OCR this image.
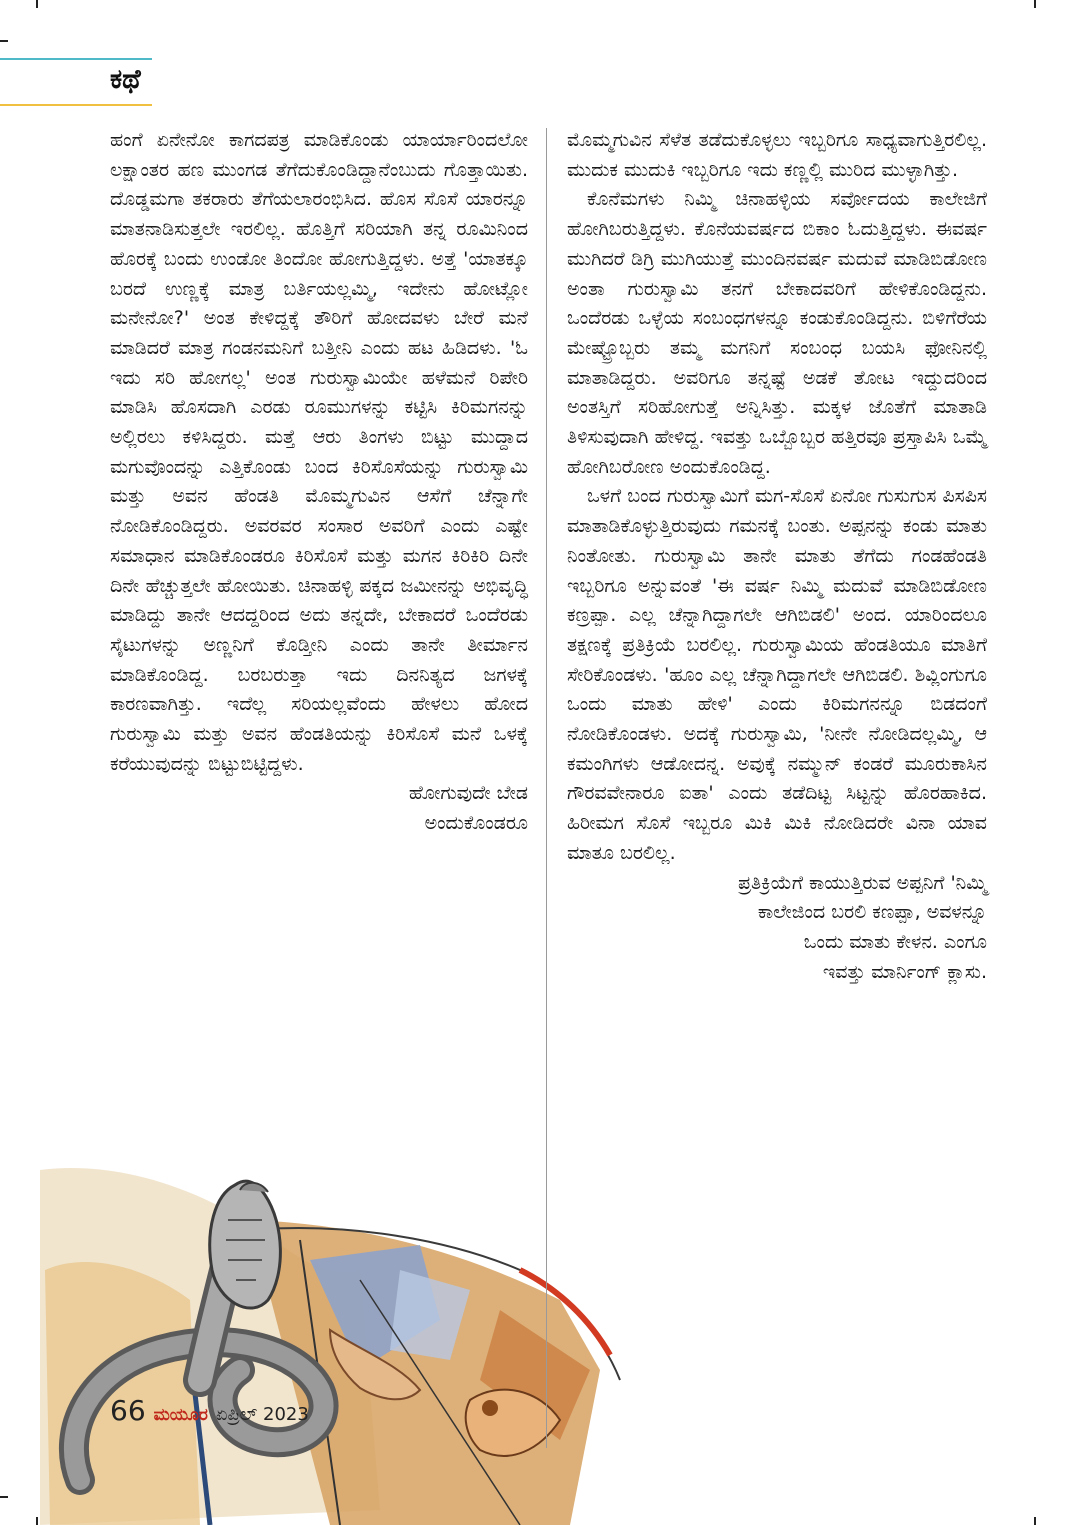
ಕಥೆ

ಹಂಗೆ ಏನೇನೋ ಕಾಗದಪತ್ರ ಮಾಡಿಕೊಂಡು ಯಾರ್ಯಾರಿಂದಲೋ ಲಕ್ಷಾಂತರ ಹಣ ಮುಂಗಡ ತೆಗೆದುಕೊಂಡಿದ್ದಾನೆಂಬುದು ಗೊತ್ತಾಯಿತು. ದೊಡ್ಡಮಗಾ ತಕರಾರು ತೆಗೆಯಲಾರಂಭಿಸಿದ. ಹೊಸ ಸೊಸೆ ಯಾರನ್ನೂ ಮಾತನಾಡಿಸುತ್ತಲೇ ಇರಲಿಲ್ಲ. ಹೊತ್ತಿಗೆ ಸರಿಯಾಗಿ ತನ್ನ ರೂಮಿನಿಂದ ಹೊರಕ್ಕೆ ಬಂದು ಉಂಡೋ ತಿಂದೋ ಹೋಗುತ್ತಿದ್ದಳು. ಅತ್ತೆ 'ಯಾತಕ್ಕೂ ಬರದೆ ಉಣ್ಣಕ್ಕೆ ಮಾತ್ರ ಬರ್ತಿಯಲ್ಲಮ್ಮಿ, ಇದೇನು ಹೋಟ್ಲೋ ಮನೇನೋ?' ಅಂತ ಕೇಳಿದ್ದಕ್ಕೆ ತೌರಿಗೆ ಹೋದವಳು ಬೇರೆ ಮನೆ ಮಾಡಿದರೆ ಮಾತ್ರ ಗಂಡನಮನಿಗೆ ಬತ್ತೀನಿ ಎಂದು ಹಟ ಹಿಡಿದಳು. 'ಓ ಇದು ಸರಿ ಹೋಗಲ್ಲ' ಅಂತ ಗುರುಸ್ವಾಮಿಯೇ ಹಳೆಮನೆ ರಿಪೇರಿ ಮಾಡಿಸಿ ಹೊಸದಾಗಿ ಎರಡು ರೂಮುಗಳನ್ನು ಕಟ್ಟಿಸಿ ಕಿರಿಮಗನನ್ನು ಅಲ್ಲಿರಲು ಕಳಿಸಿದ್ದರು. ಮತ್ತೆ ಆರು ತಿಂಗಳು ಬಿಟ್ಟು ಮುದ್ದಾದ ಮಗುವೊಂದನ್ನು ಎತ್ತಿಕೊಂಡು ಬಂದ ಕಿರಿಸೊಸೆಯನ್ನು ಗುರುಸ್ವಾಮಿ ಮತ್ತು ಅವನ ಹೆಂಡತಿ ಮೊಮ್ಮಗುವಿನ ಆಸೆಗೆ ಚೆನ್ನಾಗೇ ನೋಡಿಕೊಂಡಿದ್ದರು. ಅವರವರ ಸಂಸಾರ ಅವರಿಗೆ ಎಂದು ಎಷ್ಟೇ ಸಮಾಧಾನ ಮಾಡಿಕೊಂಡರೂ ಕಿರಿಸೊಸೆ ಮತ್ತು ಮಗನ ಕಿರಿಕಿರಿ ದಿನೇ ದಿನೇ ಹೆಚ್ಚುತ್ತಲೇ ಹೋಯಿತು. ಚಿನಾಹಳ್ಳಿ ಪಕ್ಕದ ಜಮೀನನ್ನು ಅಭಿವೃದ್ಧಿ ಮಾಡಿದ್ದು ತಾನೇ ಆದದ್ದರಿಂದ ಅದು ತನ್ನದೇ, ಬೇಕಾದರೆ ಒಂದೆರಡು ಸೈಟುಗಳನ್ನು ಅಣ್ಣನಿಗೆ ಕೊಡ್ತೀನಿ ಎಂದು ತಾನೇ ತೀರ್ಮಾನ ಮಾಡಿಕೊಂಡಿದ್ದ. ಬರಬರುತ್ತಾ ಇದು ದಿನನಿತ್ಯದ ಜಗಳಕ್ಕೆ ಕಾರಣವಾಗಿತ್ತು. ಇದೆಲ್ಲ ಸರಿಯಲ್ಲವೆಂದು ಹೇಳಲು ಹೋದ ಗುರುಸ್ವಾಮಿ ಮತ್ತು ಅವನ ಹೆಂಡತಿಯನ್ನು ಕಿರಿಸೊಸೆ ಮನೆ ಒಳಕ್ಕೆ ಕರೆಯುವುದನ್ನು ಬಿಟ್ಟುಬಿಟ್ಟಿದ್ದಳು.

ಹೋಗುವುದೇ ಬೇಡ

ಅಂದುಕೊಂಡರೂ

ಮೊಮ್ಮಗುವಿನ ಸೆಳೆತ ತಡೆದುಕೊಳ್ಳಲು ಇಬ್ಬರಿಗೂ ಸಾಧ್ಯವಾಗುತ್ತಿರಲಿಲ್ಲ. ಮುದುಕ ಮುದುಕಿ ಇಬ್ಬರಿಗೂ ಇದು ಕಣ್ಣಲ್ಲಿ ಮುರಿದ ಮುಳ್ಳಾಗಿತ್ತು.

ಕೊನೆಮಗಳು ನಿಮ್ಮಿ ಚಿನಾಹಳ್ಳಿಯ ಸರ್ವೋದಯ ಕಾಲೇಜಿಗೆ ಹೋಗಿಬರುತ್ತಿದ್ದಳು. ಕೊನೆಯವರ್ಷದ ಬಿಕಾಂ ಓದುತ್ತಿದ್ದಳು. ಈವರ್ಷ ಮುಗಿದರೆ ಡಿಗ್ರಿ ಮುಗಿಯುತ್ತೆ ಮುಂದಿನವರ್ಷ ಮದುವೆ ಮಾಡಿಬಿಡೋಣ ಅಂತಾ ಗುರುಸ್ವಾಮಿ ತನಗೆ ಬೇಕಾದವರಿಗೆ ಹೇಳಿಕೊಂಡಿದ್ದನು. ಒಂದೆರಡು ಒಳ್ಳೆಯ ಸಂಬಂಧಗಳನ್ನೂ ಕಂಡುಕೊಂಡಿದ್ದನು. ಬಿಳಿಗೆರೆಯ ಮೇಷ್ಟ್ರೊಬ್ಬರು ತಮ್ಮ ಮಗನಿಗೆ ಸಂಬಂಧ ಬಯಸಿ ಫೋನಿನಲ್ಲಿ ಮಾತಾಡಿದ್ದರು. ಅವರಿಗೂ ತನ್ನಷ್ಟೆ ಅಡಕೆ ತೋಟ ಇದ್ದುದರಿಂದ ಅಂತಸ್ತಿಗೆ ಸರಿಹೋಗುತ್ತೆ ಅನ್ನಿಸಿತ್ತು. ಮಕ್ಕಳ ಜೊತೆಗೆ ಮಾತಾಡಿ ತಿಳಿಸುವುದಾಗಿ ಹೇಳಿದ್ದ. ಇವತ್ತು ಒಬ್ಬೊಬ್ಬರ ಹತ್ತಿರವೂ ಪ್ರಸ್ತಾಪಿಸಿ ಒಮ್ಮೆ ಹೋಗಿಬರೋಣ ಅಂದುಕೊಂಡಿದ್ದ.

ಒಳಗೆ ಬಂದ ಗುರುಸ್ವಾಮಿಗೆ ಮಗ-ಸೊಸೆ ಏನೋ ಗುಸುಗುಸ ಪಿಸಪಿಸ ಮಾತಾಡಿಕೊಳ್ಳುತ್ತಿರುವುದು ಗಮನಕ್ಕೆ ಬಂತು. ಅಪ್ಪನನ್ನು ಕಂಡು ಮಾತು ನಿಂತೋತು. ಗುರುಸ್ವಾಮಿ ತಾನೇ ಮಾತು ತೆಗೆದು ಗಂಡಹೆಂಡತಿ ಇಬ್ಬರಿಗೂ ಅನ್ನುವಂತೆ 'ಈ ವರ್ಷ ನಿಮ್ಮಿ ಮದುವೆ ಮಾಡಿಬಿಡೋಣ ಕಣ್ರಪ್ಪಾ. ಎಲ್ಲ ಚೆನ್ನಾಗಿದ್ದಾಗಲೇ ಆಗಿಬಿಡಲಿ' ಅಂದ. ಯಾರಿಂದಲೂ ತಕ್ಷಣಕ್ಕೆ ಪ್ರತಿಕ್ರಿಯೆ ಬರಲಿಲ್ಲ. ಗುರುಸ್ವಾಮಿಯ ಹೆಂಡತಿಯೂ ಮಾತಿಗೆ ಸೇರಿಕೊಂಡಳು. 'ಹೂಂ ಎಲ್ಲ ಚೆನ್ನಾಗಿದ್ದಾಗಲೇ ಆಗಿಬಿಡಲಿ. ಶಿವ್ಲಿಂಗುಗೂ ಒಂದು ಮಾತು ಹೇಳಿ' ಎಂದು ಕಿರಿಮಗನನ್ನೂ ಬಿಡದಂಗೆ ನೋಡಿಕೊಂಡಳು. ಅದಕ್ಕೆ ಗುರುಸ್ವಾಮಿ, 'ನೀನೇ ನೋಡಿದಲ್ಲಮ್ಮಿ, ಆ ಕಮಂಗಿಗಳು ಆಡೋದನ್ನ. ಅವುಕ್ಕೆ ನಮ್ಮುನ್ ಕಂಡರೆ ಮೂರುಕಾಸಿನ ಗೌರವವೇನಾರೂ ಐತಾ' ಎಂದು ತಡೆದಿಟ್ಟ ಸಿಟ್ಟನ್ನು ಹೊರಹಾಕಿದ. ಹಿರೀಮಗ ಸೊಸೆ ಇಬ್ಬರೂ ಮಿಕಿ ಮಿಕಿ ನೋಡಿದರೇ ವಿನಾ ಯಾವ ಮಾತೂ ಬರಲಿಲ್ಲ.

ಪ್ರತಿಕ್ರಿಯೆಗೆ ಕಾಯುತ್ತಿರುವ ಅಪ್ಪನಿಗೆ 'ನಿಮ್ಮಿ

ಕಾಲೇಜಿಂದ ಬರಲಿ ಕಣಪ್ಪಾ, ಅವಳನ್ನೂ

ಒಂದು ಮಾತು ಕೇಳನ. ಎಂಗೂ

ಇವತ್ತು ಮಾರ್ನಿಂಗ್ ಕ್ಲಾಸು.

66 ಮಯೂರ ಏಪ್ರಿಲ್ 2023
